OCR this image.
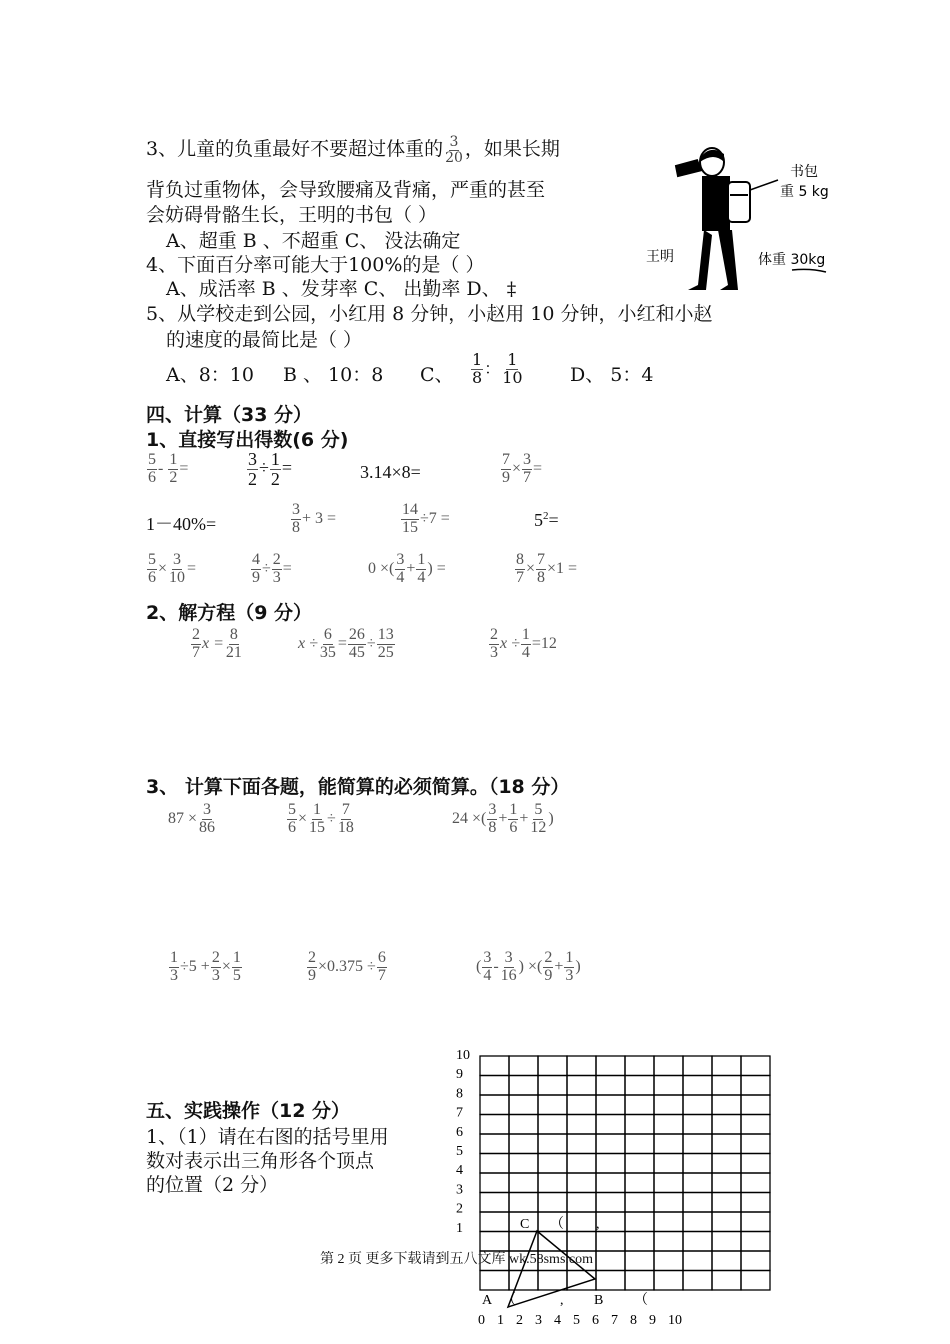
3、儿童的负重最好不要超过体重的 $\frac{3}{20}$ ，如果长期
背负过重物体，会导致腰痛及背痛，严重的甚至
会妨碍骨骼生长，王明的书包（ ）
A、超重 B 、不超重 C、 没法确定
书包
重 5 kg
王明	体重 30kg
4、下面百分率可能大于100%的是（ ）
A、成活率 B 、发芽率 C、 出勤率 D、 ‡
5、从学校走到公园，小红用 8 分钟，小赵用 10 分钟，小红和小赵
的速度的最简比是（ ）
A、8：10 B 、 10：8 C、 $\frac{1}{8}$ ： $\frac{1}{10}$ D、 5：4
四、计算（33 分）
1、直接写出得数(6 分)
$\frac{5}{6} - \frac{1}{2}$ =	$\frac{3}{2} \div \frac{1}{2}$ =	3.14×8=	$\frac{7}{9} \times \frac{3}{7}$ =
1－40%=	$\frac{3}{8} + 3$ =	$\frac{14}{15} \div 7$ =	$5^2=$
$\frac{5}{6} \times \frac{3}{10}$ =	$\frac{4}{9} \div \frac{2}{3}$ =	0 ×( $\frac{3}{4} + \frac{1}{4}$ ) =	$\frac{8}{7} \times \frac{7}{8} \times 1$ =
2、解方程（9 分）
$\frac{2}{7}$ $x = \frac{8}{21}$	$x \div \frac{6}{35} = \frac{26}{45} \div \frac{13}{25}$	$\frac{2}{3}$ $x \div \frac{1}{4} =12$
3、 计算下面各题，能简算的必须简算。（18 分）
$87 \times \frac{3}{86}$	$\frac{5}{6} \times \frac{1}{15} \div \frac{7}{18}$	24 ×( $\frac{3}{8} + \frac{1}{6} + \frac{5}{12}$ )
$\frac{1}{3} \div 5 + \frac{2}{3} \times \frac{1}{5}$	$\frac{2}{9} \times 0.375 \div \frac{6}{7}$	( $\frac{3}{4} - \frac{3}{16}$ ) ×( $\frac{2}{9} + \frac{1}{3}$ )
五、实践操作（12 分）
1、（1）请在右图的括号里用
数对表示出三角形各个顶点
的位置（2 分）
10
9
8
7
6
5
4
3
2
1
0 1 2 3 4 5 6 7 8 9 10
C （ ,
A （	, B （
第 2 页 更多下载请到五八文库 wk.58sms.com
